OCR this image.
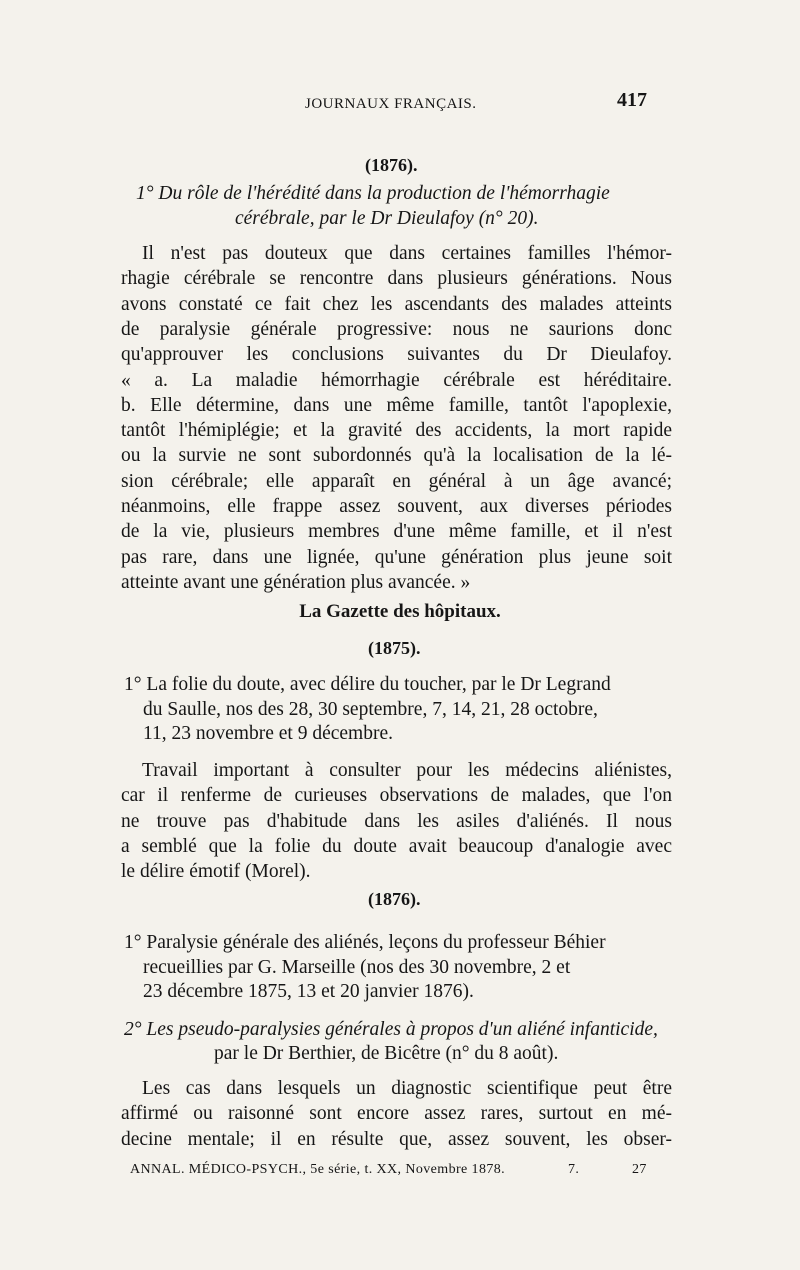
JOURNAUX FRANÇAIS.	417
(1876).
1° Du rôle de l'hérédité dans la production de l'hémorrhagie
cérébrale, par le Dr Dieulafoy (n° 20).
Il n'est pas douteux que dans certaines familles l'hémor-
rhagie cérébrale se rencontre dans plusieurs générations. Nous
avons constaté ce fait chez les ascendants des malades atteints
de paralysie générale progressive: nous ne saurions donc
qu'approuver les conclusions suivantes du Dr Dieulafoy.
« a. La maladie hémorrhagie cérébrale est héréditaire.
b. Elle détermine, dans une même famille, tantôt l'apoplexie,
tantôt l'hémiplégie; et la gravité des accidents, la mort rapide
ou la survie ne sont subordonnés qu'à la localisation de la lé-
sion cérébrale; elle apparaît en général à un âge avancé;
néanmoins, elle frappe assez souvent, aux diverses périodes
de la vie, plusieurs membres d'une même famille, et il n'est
pas rare, dans une lignée, qu'une génération plus jeune soit
atteinte avant une génération plus avancée. »
La Gazette des hôpitaux.
(1875).
1° La folie du doute, avec délire du toucher, par le Dr Legrand
du Saulle, nos des 28, 30 septembre, 7, 14, 21, 28 octobre,
11, 23 novembre et 9 décembre.
Travail important à consulter pour les médecins aliénistes,
car il renferme de curieuses observations de malades, que l'on
ne trouve pas d'habitude dans les asiles d'aliénés. Il nous
a semblé que la folie du doute avait beaucoup d'analogie avec
le délire émotif (Morel).
(1876).
1° Paralysie générale des aliénés, leçons du professeur Béhier
recueillies par G. Marseille (nos des 30 novembre, 2 et
23 décembre 1875, 13 et 20 janvier 1876).
2° Les pseudo-paralysies générales à propos d'un aliéné infanticide,
par le Dr Berthier, de Bicêtre (n° du 8 août).
Les cas dans lesquels un diagnostic scientifique peut être
affirmé ou raisonné sont encore assez rares, surtout en mé-
decine mentale; il en résulte que, assez souvent, les obser-
ANNAL. MÉDICO-PSYCH., 5e série, t. XX, Novembre 1878.	7.	27
